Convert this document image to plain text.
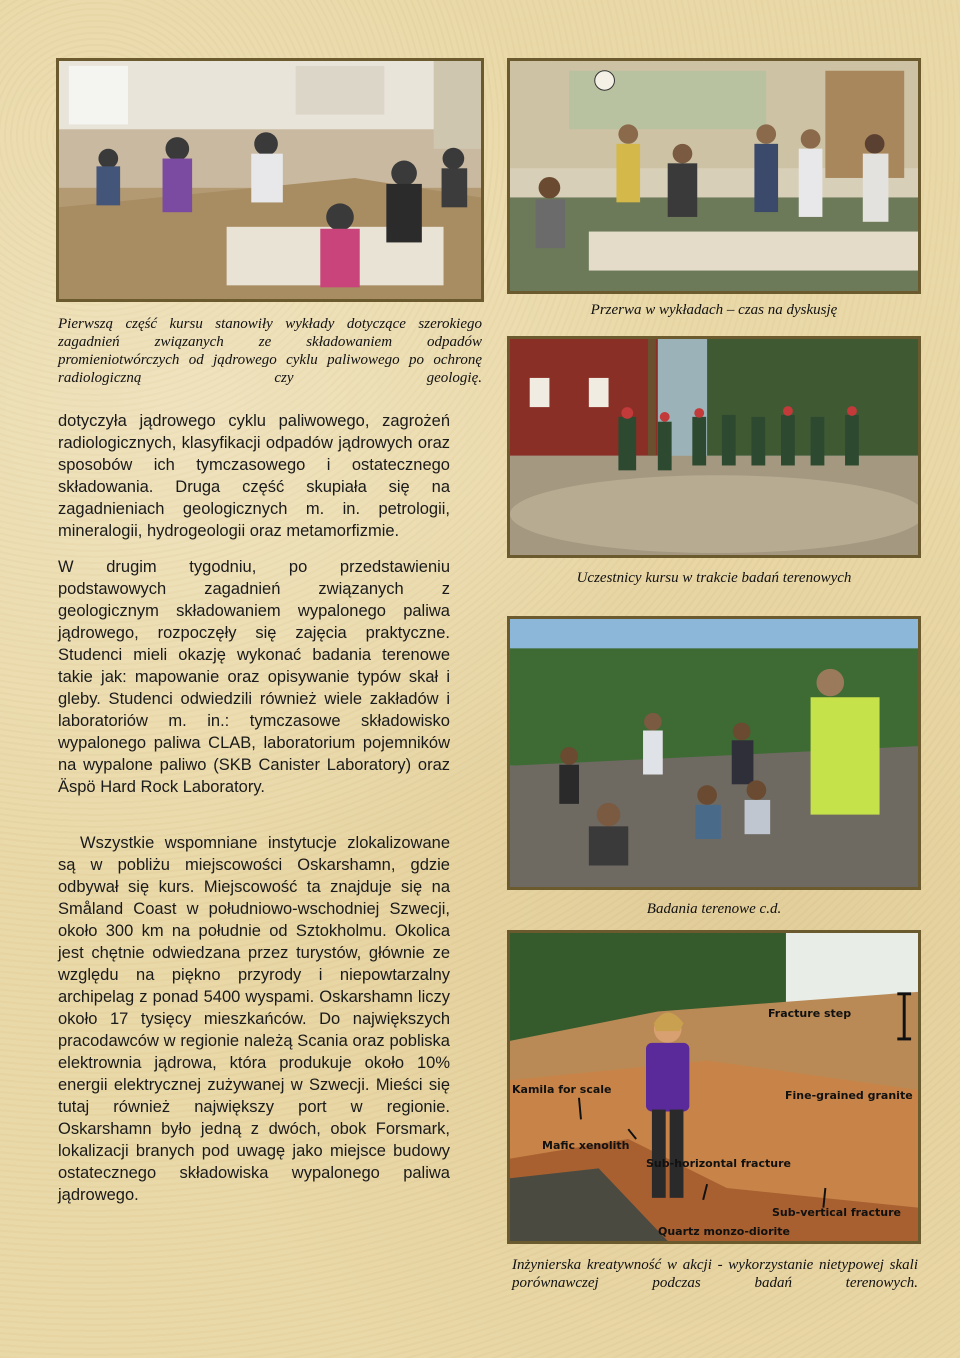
Pierwszą część kursu stanowiły wykłady dotyczące szerokiego zagadnień związanych ze składowaniem odpadów promieniotwórczych od jądrowego cyklu paliwowego po ochronę radiologiczną czy geologię.
Przerwa w wykładach – czas na dyskusję
Uczestnicy kursu w trakcie badań terenowych
Badania terenowe c.d.
Fracture step
Kamila for scale	Fine-grained granite
Mafic xenolith
Sub-horizontal fracture
Sub-vertical fracture
Quartz monzo-diorite
Inżynierska kreatywność w akcji - wykorzystanie nietypowej skali porównawczej podczas badań terenowych.
dotyczyła jądrowego cyklu paliwowego, zagrożeń radiologicznych, klasyfikacji odpadów jądrowych oraz sposobów ich tymczasowego i ostatecznego składowania. Druga część skupiała się na zagadnieniach geologicznych m. in. petrologii, mineralogii, hydrogeologii oraz metamorfizmie.
W drugim tygodniu, po przedstawieniu podstawowych zagadnień związanych z geologicznym składowaniem wypalonego paliwa jądrowego, rozpoczęły się zajęcia praktyczne. Studenci mieli okazję wykonać badania terenowe takie jak: mapowanie oraz opisywanie typów skał i gleby. Studenci odwiedzili również wiele zakładów i laboratoriów m. in.: tymczasowe składowisko wypalonego paliwa CLAB, laboratorium pojemników na wypalone paliwo (SKB Canister Laboratory) oraz Äspö Hard Rock Laboratory.
Wszystkie wspomniane instytucje zlokalizowane są w pobliżu miejscowości Oskarshamn, gdzie odbywał się kurs. Miejscowość ta znajduje się na Småland Coast w południowo-wschodniej Szwecji, około 300 km na południe od Sztokholmu. Okolica jest chętnie odwiedzana przez turystów, głównie ze względu na piękno przyrody i niepowtarzalny archipelag z ponad 5400 wyspami. Oskarshamn liczy około 17 tysięcy mieszkańców. Do największych pracodawców w regionie należą Scania oraz pobliska elektrownia jądrowa, która produkuje około 10% energii elektrycznej zużywanej w Szwecji. Mieści się tutaj również największy port w regionie. Oskarshamn było jedną z dwóch, obok Forsmark, lokalizacji branych pod uwagę jako miejsce budowy ostatecznego składowiska wypalonego paliwa jądrowego.
